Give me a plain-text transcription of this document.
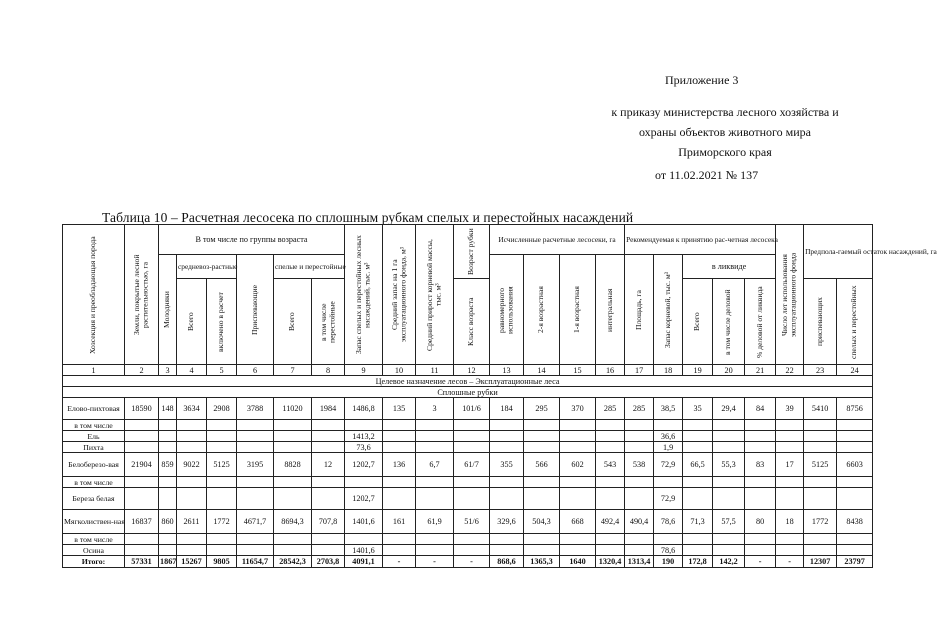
Приложение 3
к приказу министерства лесного хозяйства и
охраны объектов животного мира
Приморского края
от 11.02.2021 № 137
Таблица 10 – Расчетная лесосека по сплошным рубкам спелых и перестойных насаждений
Хозсекция и преобладающая порода	Земли, покрытые лесной растительностью, га	В том числе по группы возраста						Запас спелых и перестойных лесных насаждений, тыс. м³	Средний запас на 1 га эксплуатационного фонда, м³	Средний прирост корневой массы, тыс. м³	Возраст рубки	Исчисленные расчетные лесосеки, га				Рекомендуемая к принятию рас-четная лесосека					Число лет использования эксплуатационного фонда	Предпола-гаемый остаток насаждений, га	

		Молодняки	средневоз-растные		Приспевающие	спелые и перестойные						равномерного использования	2-я возрастная	1-я возрастная	интегральная	Площадь, га	Запас корневой, тыс. м³	в ликвиде					

			Всего	включено в расчет		Всего	в том числе перестойные				Класс возраста							Всего	в том числе деловой	% деловой от ликвида		приспевающих	спелых и перестойных

1	2	3	4	5	6	7	8	9	10	11	12	13	14	15	16	17	18	19	20	21	22	23	24
Целевое назначение лесов – Эксплуатационные леса																							
Сплошные рубки																							
Елово-пихтовая	18590	148	3634	2908	3788	11020	1984	1486,8	135	3	101/6	184	295	370	285	285	38,5	35	29,4	84	39	5410	8756
в том числе																							
Ель								1413,2									36,6						
Пихта								73,6									1,9						
Белоберезо-вая	21904	859	9022	5125	3195	8828	12	1202,7	136	6,7	61/7	355	566	602	543	538	72,9	66,5	55,3	83	17	5125	6603
в том числе																							
Береза белая								1202,7									72,9						
Мягколиствен-ная	16837	860	2611	1772	4671,7	8694,3	707,8	1401,6	161	61,9	51/6	329,6	504,3	668	492,4	490,4	78,6	71,3	57,5	80	18	1772	8438
в том числе																							
Осина								1401,6									78,6						
Итого:	57331	1867	15267	9805	11654,7	28542,3	2703,8	4091,1	-	-	-	868,6	1365,3	1640	1320,4	1313,4	190	172,8	142,2	-	-	12307	23797
